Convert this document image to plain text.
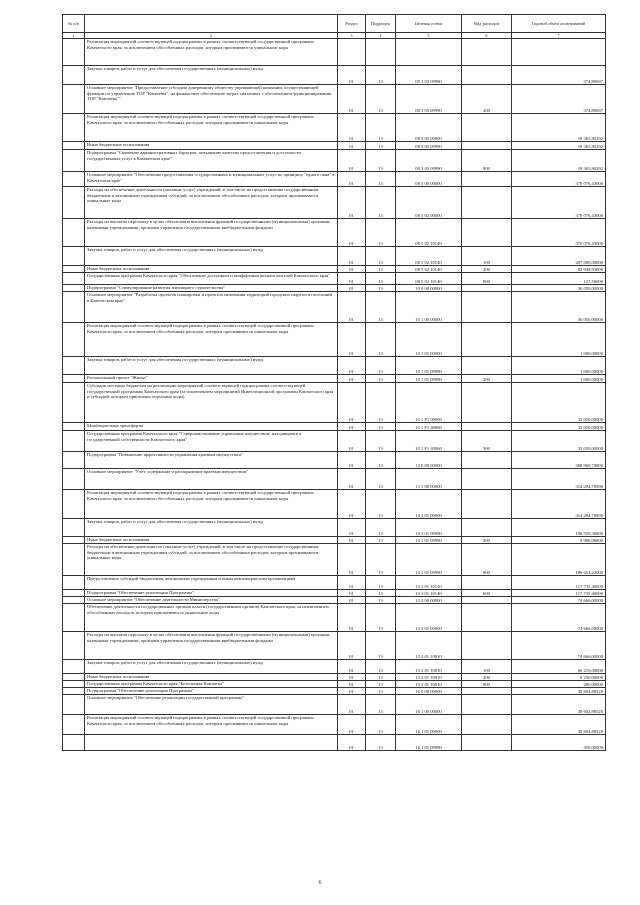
№ п/п		Раздел	Подраздел	Целевая статья	Вид расходов	Годовой объем ассигнований
1	2	3	4	5	6	7
	Реализация мероприятий соответствующей подпрограммы в рамках соответствующей государственной программы Камчатского края, за исключением обособленных расходов, которым присваиваются уникальные коды					
	Закупка товаров, работ и услуг для обеспечения государственных (муниципальных) нужд	01	13	08 3 03 09990		374,89697
	Основное мероприятие "Предоставление субсидии доверенному обществу управляющей компании, осуществляющей функции по управлению ТОР "Камчатка", на финансовое обеспечение затрат, связанных с обеспечением функционирования ТОР "Камчатка""	01	13	08 3 05 09990	200	374,89697
	Реализация мероприятий соответствующей подпрограммы в рамках соответствующей государственной программы Камчатского края, за исключением обособленных расходов, которым присваиваются уникальные коды	01	13	08 3 05 00000		18 365,80292
	Иные бюджетные ассигнования	01	13	08 3 05 09990		18 365,80292
	Подпрограмма "Снижение административных барьеров, повышение качества предоставления и доступности государственных услуг в Камчатском крае"	01	13	08 3 05 09990	800	18 365,80292
	Основное мероприятие "Обеспечение предоставления государственных и муниципальных услуг по принципу "одного окна" в Камчатском крае"	01	13	08 5 00 00000		370 076,43000
	Расходы на обеспечение деятельности (оказание услуг) учреждений, в том числе на предоставление государственным бюджетным и автономным учреждениям субсидий, за исключением обособленных расходов, которым присваиваются уникальные коды	01	13	08 5 02 00000		370 076,43000
	Расходы на выплаты персоналу в целях обеспечения выполнения функций государственными (муниципальными) органами, казенными учреждениями, органами управления государственными внебюджетными фондами	01	13	08 5 02 10140		370 076,43000
	Закупка товаров, работ и услуг для обеспечения государственных (муниципальных) нужд	01	13	08 5 02 10140	100	287 000,00000
	Иные бюджетные ассигнования	01	13	08 5 02 10140	200	82 948,93000
	Государственная программа Камчатского края "Обеспечение доступным и комфортным жильем жителей Камчатского края"	01	13	08 5 02 10140	800	127,50000
	Подпрограмма "Стимулирование развития жилищного строительства"	01	13	10 0 00 00000		36 050,00000
	Основное мероприятие "Разработка проектов планировки и проектов межевания территорий городских округов и поселений в Камчатском крае"	01	13	10 1 00 00000		36 050,00000
	Реализация мероприятий соответствующей подпрограммы в рамках соответствующей государственной программы Камчатского края, за исключением обособленных расходов, которым присваиваются уникальные коды	01	13	10 1 01 00000		1 000,00000
	Закупка товаров, работ и услуг для обеспечения государственных (муниципальных) нужд	01	13	10 1 01 09990		1 000,00000
	Региональный проект "Жилье"	01	13	10 1 01 09990	200	1 000,00000
	Субсидии местным бюджетам на реализацию мероприятий соответствующей подпрограммы соответствующей государственной программы Камчатского края (за исключением мероприятий Инвестиционной программы Камчатского края и субсидий, которым присвоены отдельные коды)	01	13	10 1 F1 00000		35 050,00000
	Межбюджетные трансферты	01	13	10 1 F1 40060		35 050,00000
	Государственная программа Камчатского края "Совершенствование управления имуществом, находящимся в государственной собственности Камчатского края"	01	13	10 1 F1 40060	500	35 050,00000
	Подпрограмма "Повышение эффективности управления краевым имуществом"	01	13	13 0 00 00000		388 969,70890
	Основное мероприятие "Учет, содержание и распоряжение краевым имуществом"	01	13	13 1 00 00000		314 294,70890
	Реализация мероприятий соответствующей подпрограммы в рамках соответствующей государственной программы Камчатского края, за исключением обособленных расходов, которым присваиваются уникальные коды	01	13	13 1 01 00000		314 294,70890
	Закупка товаров, работ и услуг для обеспечения государственных (муниципальных) нужд	01	13	13 1 01 09990		196 559,30800
	Иные бюджетные ассигнования	01	13	13 1 01 09990	200	9 906,06800
	Расходы на обеспечение деятельности (оказание услуг) учреждений, в том числе на предоставление государственным бюджетным и автономным учреждениям субсидий, за исключением обособленных расходов, которым присваиваются уникальные коды	01	13	13 1 01 09990	800	186 653,22000
	Предоставление субсидий бюджетным, автономным учреждениям и иным некоммерческим организациям	01	13	13 1 01 10140		117 735,40000
	Подпрограмма "Обеспечение реализации Программы"	01	13	13 1 01 10140	600	117 735,40000
	Основное мероприятие "Обеспечение деятельности Министерства"	01	13	13 2 00 00000		74 666,00000
	Обеспечение деятельности государственных органов власти (государственных органов) Камчатского края, за исключением обособленных расходов, которым присваиваются уникальные коды	01	13	13 2 01 00000		74 666,00000
	Расходы на выплаты персоналу в целях обеспечения выполнения функций государственными (муниципальными) органами, казенными учреждениями, органами управления государственными внебюджетными фондами	01	13	13 2 01 10010		74 666,00000
	Закупка товаров, работ и услуг для обеспечения государственных (муниципальных) нужд	01	13	13 2 01 10010	100	66 216,00000
	Иные бюджетные ассигнования	01	13	13 2 01 10010	200	8 250,00000
	Государственная программа Камчатского края "Безопасная Камчатка"	01	13	13 2 01 10010	800	200,00000
	Подпрограмма "Обеспечение реализации Программы"	01	13	16 0 00 00000		38 602,88528
	Основное мероприятие "Обеспечение реализации государственной программы"	01	13	16 1 00 00000		38 602,88528
	Реализация мероприятий соответствующей подпрограммы в рамках соответствующей государственной программы Камчатского края, за исключением обособленных расходов, которым присваиваются уникальные коды	01	13	16 1 01 00000		38 602,88528
		01	13	16 1 01 09990		450,00000
6
